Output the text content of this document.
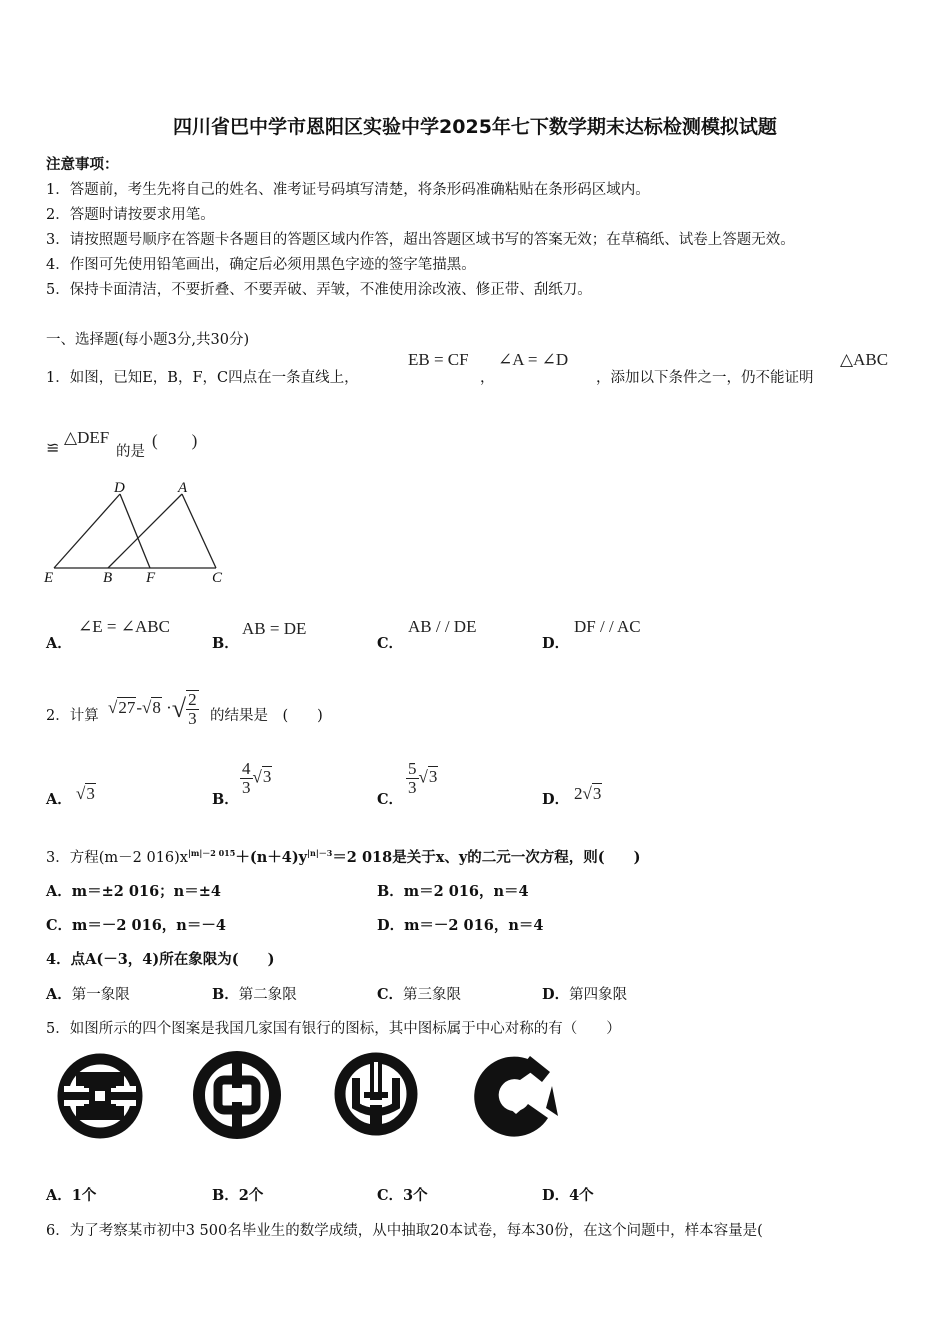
四川省巴中学市恩阳区实验中学2025年七下数学期末达标检测模拟试题
注意事项：
1．答题前，考生先将自己的姓名、准考证号码填写清楚，将条形码准确粘贴在条形码区域内。
2．答题时请按要求用笔。
3．请按照题号顺序在答题卡各题目的答题区域内作答，超出答题区域书写的答案无效；在草稿纸、试卷上答题无效。
4．作图可先使用铅笔画出，确定后必须用黑色字迹的签字笔描黑。
5．保持卡面清洁，不要折叠、不要弄破、弄皱，不准使用涂改液、修正带、刮纸刀。
一、选择题(每小题3分,共30分)
1．如图，已知E，B，F，C四点在一条直线上，
EB = CF
，
∠A = ∠D
，添加以下条件之一，仍不能证明
△ABC
≌
△DEF
的是
(　　)
D	A
E	B F	C
A．
∠E = ∠ABC
B．
AB = DE
C．
AB / / DE
D．
DF / / AC
2．计算 √27-√8 ·√ $\frac{2}{3}$ 的结果是　(　　)
A． √3	B．
$\frac{4}{3} √3$
C．
$\frac{5}{3} √3$
D． 2√3
3．方程(m－2 $016)x^{|m|-2 015}+(n+4)y^{|n|-3}=2$ 018是关于x、y的二元一次方程，则(　　)
A．m＝±2 016；n＝±4	B．m＝2 016，n＝4
C．m＝－2 016，n＝－4	D．m＝－2 016，n＝4
4．点A(－3，4)所在象限为(　　)
A．第一象限	B．第二象限	C．第三象限	D．第四象限
5．如图所示的四个图案是我国几家国有银行的图标，其中图标属于中心对称的有（　　）
A．1个	B．2个	C．3个	D．4个
6．为了考察某市初中3 500名毕业生的数学成绩，从中抽取20本试卷，每本30份，在这个问题中，样本容量是(
